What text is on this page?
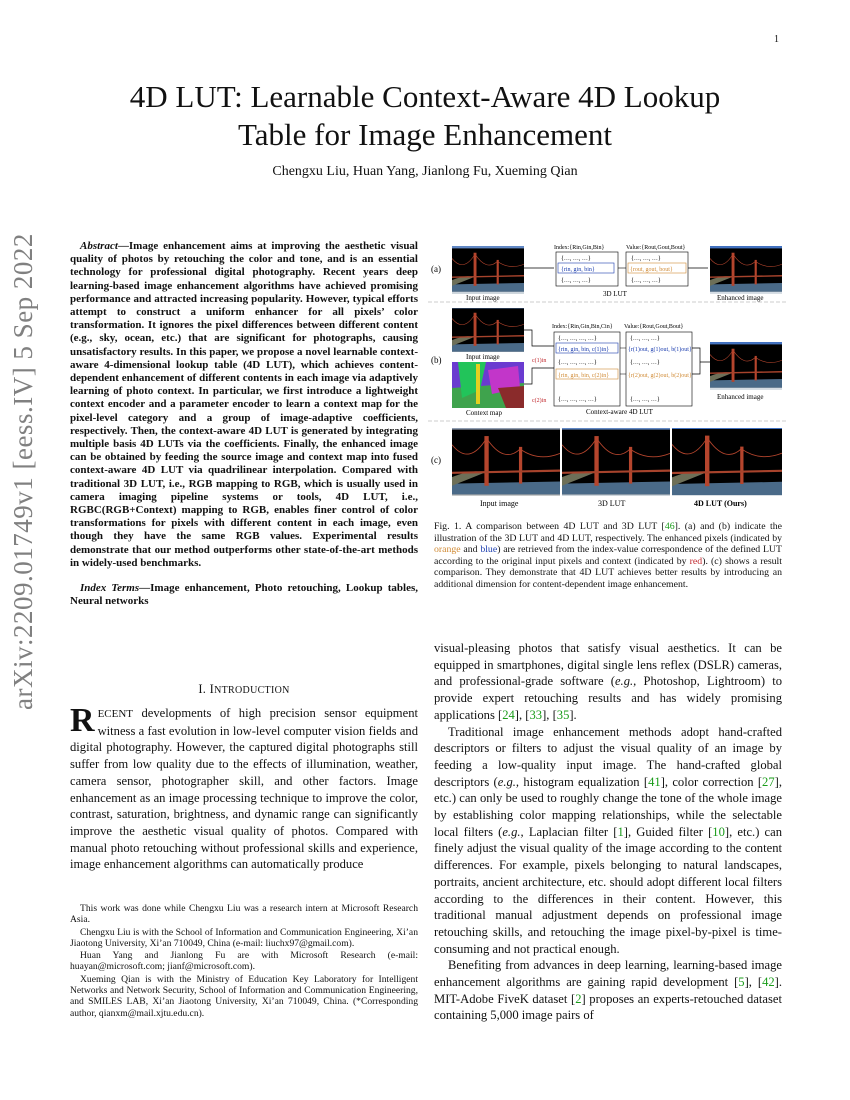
1
arXiv:2209.01749v1 [eess.IV] 5 Sep 2022
4D LUT: Learnable Context-Aware 4D Lookup
Table for Image Enhancement
Chengxu Liu, Huan Yang, Jianlong Fu, Xueming Qian

Abstract—Image enhancement aims at improving the aesthetic visual quality of photos by retouching the color and tone, and is an essential technology for professional digital photography. Recent years deep learning-based image enhancement algorithms have achieved promising performance and attracted increasing popularity. However, typical efforts attempt to construct a uniform enhancer for all pixels’ color transformation. It ignores the pixel differences between different content (e.g., sky, ocean, etc.) that are significant for photographs, causing unsatisfactory results. In this paper, we propose a novel learnable context-aware 4-dimensional lookup table (4D LUT), which achieves content-dependent enhancement of different contents in each image via adaptively learning of photo context. In particular, we first introduce a lightweight context encoder and a parameter encoder to learn a context map for the pixel-level category and a group of image-adaptive coefficients, respectively. Then, the context-aware 4D LUT is generated by integrating multiple basis 4D LUTs via the coefficients. Finally, the enhanced image can be obtained by feeding the source image and context map into fused context-aware 4D LUT via quadrilinear interpolation. Compared with traditional 3D LUT, i.e., RGB mapping to RGB, which is usually used in camera imaging pipeline systems or tools, 4D LUT, i.e., RGBC(RGB+Context) mapping to RGB, enables finer control of color transformations for pixels with different content in each image, even though they have the same RGB values. Experimental results demonstrate that our method outperforms other state-of-the-art methods in widely-used benchmarks.

Index Terms—Image enhancement, Photo retouching, Lookup tables, Neural networks

I. INTRODUCTION

RECENT developments of high precision sensor equipment witness a fast evolution in low-level computer vision fields and digital photography. However, the captured digital photographs still suffer from low quality due to the effects of illumination, weather, camera sensor, photographer skill, and other factors. Image enhancement as an image processing technique to improve the color, contrast, saturation, brightness, and dynamic range can significantly improve the aesthetic visual quality of photos. Compared with manual photo retouching without professional skills and experience, image enhancement algorithms can automatically produce

This work was done while Chengxu Liu was a research intern at Microsoft Research Asia.

Chengxu Liu is with the School of Information and Communication Engineering, Xi’an Jiaotong University, Xi’an 710049, China (e-mail: liuchx97@gmail.com).

Huan Yang and Jianlong Fu are with Microsoft Research (e-mail: huayan@microsoft.com; jianf@microsoft.com).

Xueming Qian is with the Ministry of Education Key Laboratory for Intelligent Networks and Network Security, School of Information and Communication Engineering, and SMILES LAB, Xi’an Jiaotong University, Xi’an 710049, China. (*Corresponding author, qianxm@mail.xjtu.edu.cn).

(a)
Input image
Index:{Rin,Gin,Bin}	Value:{Rout,Gout,Bout}
{…, …, …}
{rin, gin, bin}
{…, …, …}
{…, …, …}
{rout, gout, bout}
{…, …, …}
3D LUT	Enhanced image
(b)	Input image
Context map
c(1)in
c(2)in
Index:{Rin,Gin,Bin,Cin} Value:{Rout,Gout,Bout}
{…, …, …, …}
{rin, gin, bin, c(1)in}
{…, …, …, …}
{rin, gin, bin, c(2)in}
{…, …, …, …}
{…, …, …}
{r(1)out, g(1)out, b(1)out}
{…, …, …}
{r(2)out, g(2)out, b(2)out}
{…, …, …}
Context-aware 4D LUT
Enhanced image
(c)
Input image	3D LUT	4D LUT (Ours)
Fig. 1. A comparison between 4D LUT and 3D LUT [46]. (a) and (b) indicate the illustration of the 3D LUT and 4D LUT, respectively. The enhanced pixels (indicated by orange and blue) are retrieved from the index-value correspondence of the defined LUT according to the original input pixels and context (indicated by red). (c) shows a result comparison. They demonstrate that 4D LUT achieves better results by introducing an additional dimension for content-dependent image enhancement.

visual-pleasing photos that satisfy visual aesthetics. It can be equipped in smartphones, digital single lens reflex (DSLR) cameras, and professional-grade software (e.g., Photoshop, Lightroom) to provide expert retouching results and has widely promising applications [24], [33], [35].

Traditional image enhancement methods adopt hand-crafted descriptors or filters to adjust the visual quality of an image by feeding a low-quality input image. The hand-crafted global descriptors (e.g., histogram equalization [41], color correction [27], etc.) can only be used to roughly change the tone of the whole image by establishing color mapping relationships, while the selectable local filters (e.g., Laplacian filter [1], Guided filter [10], etc.) can finely adjust the visual quality of the image according to the content differences. For example, pixels belonging to natural landscapes, portraits, ancient architecture, etc. should adopt different local filters according to the differences in their content. However, this traditional manual adjustment depends on professional image retouching skills, and retouching the image pixel-by-pixel is time-consuming and not practical enough.

Benefiting from advances in deep learning, learning-based image enhancement algorithms are gaining rapid development [5], [42]. MIT-Adobe FiveK dataset [2] proposes an experts-retouched dataset containing 5,000 image pairs of
